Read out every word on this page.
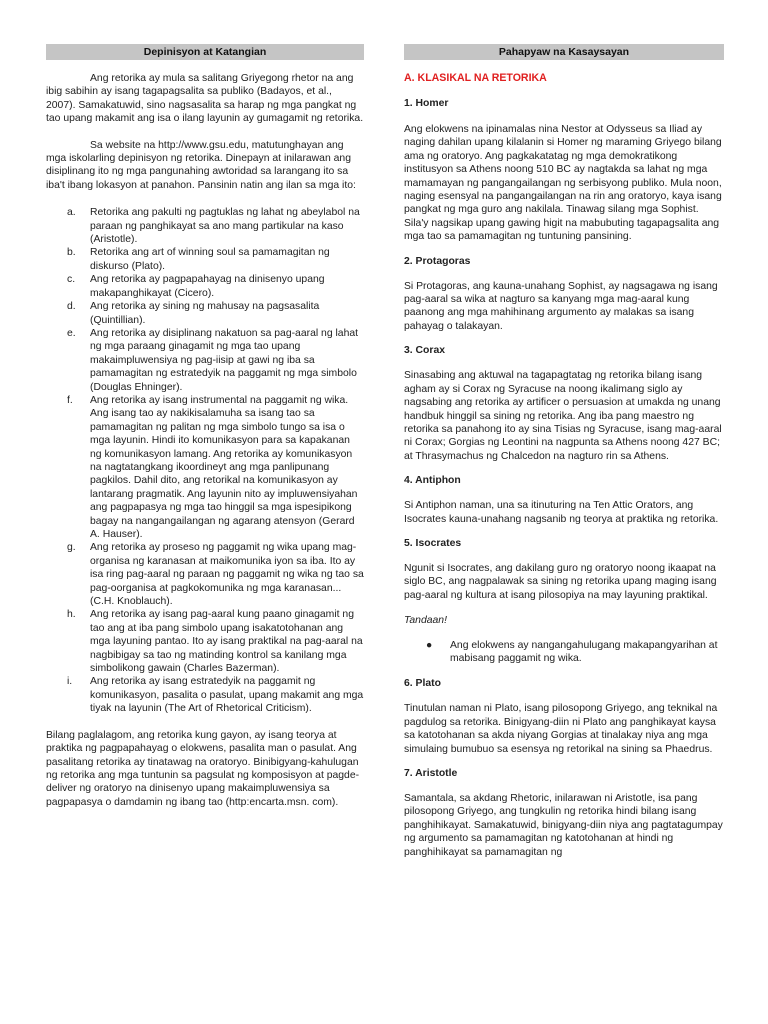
Depinisyon at Katangian

Ang retorika ay mula sa salitang Griyegong rhetor na ang ibig sabihin ay isang tagapagsalita sa publiko (Badayos, et al., 2007). Samakatuwid, sino nagsasalita sa harap ng mga pangkat ng tao upang makamit ang isa o ilang layunin ay gumagamit ng retorika.

Sa website na http://www.gsu.edu, matutunghayan ang mga iskolarling depinisyon ng retorika. Dinepayn at inilarawan ang disiplinang ito ng mga pangunahing awtoridad sa larangang ito sa iba't ibang lokasyon at panahon. Pansinin natin ang ilan sa mga ito:

a. Retorika ang pakulti ng pagtuklas ng lahat ng abeylabol na paraan ng panghikayat sa ano mang partikular na kaso (Aristotle).
b. Retorika ang art of winning soul sa pamamagitan ng diskurso (Plato).
c. Ang retorika ay pagpapahayag na dinisenyo upang makapanghikayat (Cicero).
d. Ang retorika ay sining ng mahusay na pagsasalita (Quintillian).
e. Ang retorika ay disiplinang nakatuon sa pag-aaral ng lahat ng mga paraang ginagamit ng mga tao upang makaimpluwensiya ng pag-iisip at gawi ng iba sa pamamagitan ng estratedyik na paggamit ng mga simbolo (Douglas Ehninger).
f. Ang retorika ay isang instrumental na paggamit ng wika. Ang isang tao ay nakikisalamuha sa isang tao sa pamamagitan ng palitan ng mga simbolo tungo sa isa o mga layunin. Hindi ito komunikasyon para sa kapakanan ng komunikasyon lamang. Ang retorika ay komunikasyon na nagtatangkang ikoordineyt ang mga panlipunang pagkilos. Dahil dito, ang retorikal na komunikasyon ay lantarang pragmatik. Ang layunin nito ay impluwensiyahan ang pagpapasya ng mga tao hinggil sa mga ispesipikong bagay na nangangailangan ng agarang atensyon (Gerard A. Hauser).
g. Ang retorika ay proseso ng paggamit ng wika upang mag-organisa ng karanasan at maikomunika iyon sa iba. Ito ay isa ring pag-aaral ng paraan ng paggamit ng wika ng tao sa pag-oorganisa at pagkokomunika ng mga karanasan... (C.H. Knoblauch).
h. Ang retorika ay isang pag-aaral kung paano ginagamit ng tao ang at iba pang simbolo upang isakatotohanan ang mga layuning pantao. Ito ay isang praktikal na pag-aaral na nagbibigay sa tao ng matinding kontrol sa kanilang mga simbolikong gawain (Charles Bazerman).
i. Ang retorika ay isang estratedyik na paggamit ng komunikasyon, pasalita o pasulat, upang makamit ang mga tiyak na layunin (The Art of Rhetorical Criticism).

Bilang paglalagom, ang retorika kung gayon, ay isang teorya at praktika ng pagpapahayag o elokwens, pasalita man o pasulat. Ang pasalitang retorika ay tinatawag na oratoryo. Binibigyang-kahulugan ng retorika ang mga tuntunin sa pagsulat ng komposisyon at pagde-deliver ng oratoryo na dinisenyo upang makaimpluwensiya sa pagpapasya o damdamin ng ibang tao (http:encarta.msn. com).

Pahapyaw na Kasaysayan
A. KLASIKAL NA RETORIKA
1. Homer

Ang elokwens na ipinamalas nina Nestor at Odysseus sa Iliad ay naging dahilan upang kilalanin si Homer ng maraming Griyego bilang ama ng oratoryo. Ang pagkakatatag ng mga demokratikong institusyon sa Athens noong 510 BC ay nagtakda sa lahat ng mga mamamayan ng pangangailangan ng serbisyong publiko. Mula noon, naging esensyal na pangangailangan na rin ang oratoryo, kaya isang pangkat ng mga guro ang nakilala. Tinawag silang mga Sophist. Sila'y nagsikap upang gawing higit na mabubuting tagapagsalita ang mga tao sa pamamagitan ng tuntuning pansining.

2. Protagoras

Si Protagoras, ang kauna-unahang Sophist, ay nagsagawa ng isang pag-aaral sa wika at nagturo sa kanyang mga mag-aaral kung paanong ang mga mahihinang argumento ay malakas sa isang pahayag o talakayan.

3. Corax

Sinasabing ang aktuwal na tagapagtatag ng retorika bilang isang agham ay si Corax ng Syracuse na noong ikalimang siglo ay nagsabing ang retorika ay artificer o persuasion at umakda ng unang handbuk hinggil sa sining ng retorika. Ang iba pang maestro ng retorika sa panahong ito ay sina Tisias ng Syracuse, isang mag-aaral ni Corax; Gorgias ng Leontini na nagpunta sa Athens noong 427 BC; at Thrasymachus ng Chalcedon na nagturo rin sa Athens.

4. Antiphon

Si Antiphon naman, una sa itinuturing na Ten Attic Orators, ang Isocrates kauna-unahang nagsanib ng teorya at praktika ng retorika.

5. Isocrates

Ngunit si Isocrates, ang dakilang guro ng oratoryo noong ikaapat na siglo BC, ang nagpalawak sa sining ng retorika upang maging isang pag-aaral ng kultura at isang pilosopiya na may layuning praktikal.

Tandaan!

● Ang elokwens ay nangangahulugang makapangyarihan at mabisang paggamit ng wika.
6. Plato

Tinutulan naman ni Plato, isang pilosopong Griyego, ang teknikal na pagdulog sa retorika. Binigyang-diin ni Plato ang panghikayat kaysa sa katotohanan sa akda niyang Gorgias at tinalakay niya ang mga simulaing bumubuo sa esensya ng retorikal na sining sa Phaedrus.

7. Aristotle

Samantala, sa akdang Rhetoric, inilarawan ni Aristotle, isa pang pilosopong Griyego, ang tungkulin ng retorika hindi bilang isang panghihikayat. Samakatuwid, binigyang-diin niya ang pagtatagumpay ng argumento sa pamamagitan ng katotohanan at hindi ng panghihikayat sa pamamagitan ng
